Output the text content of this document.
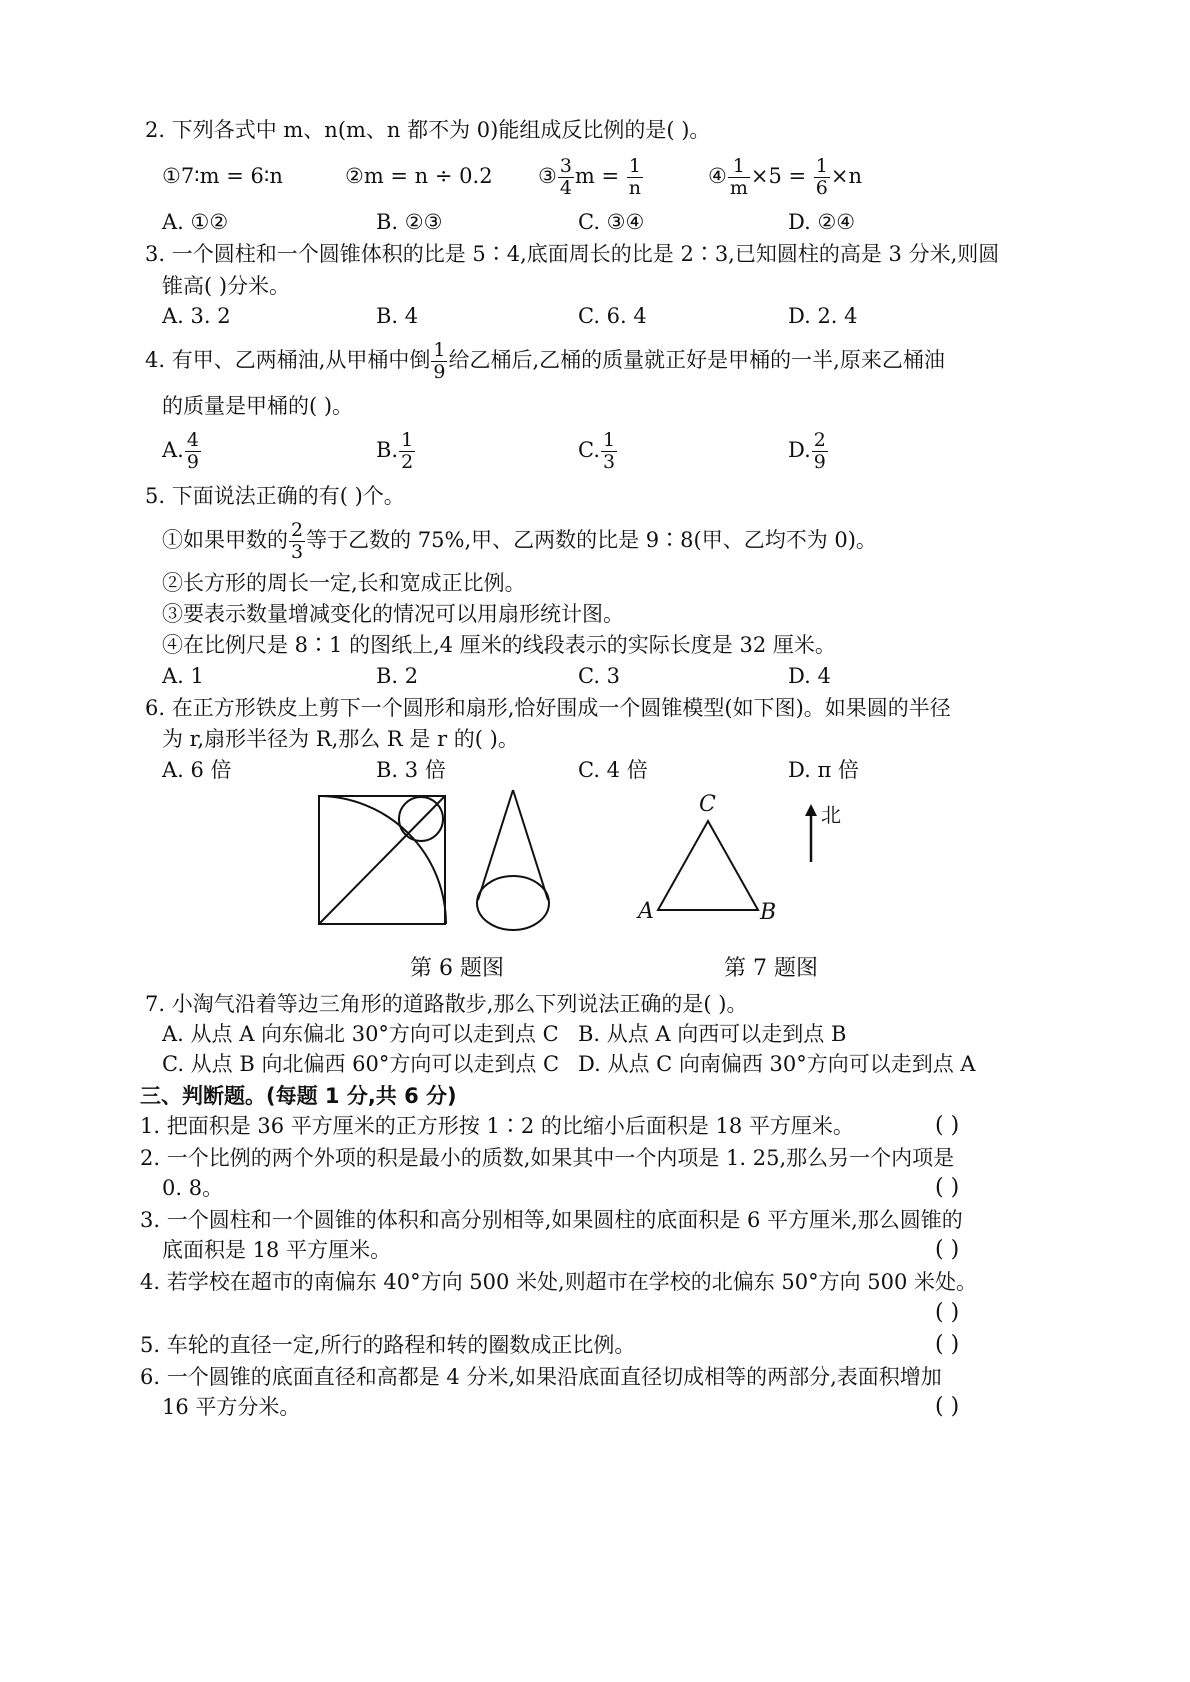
2. 下列各式中 m、n(m、n 都不为 0)能组成反比例的是( )。
①7∶m = 6∶n	②m = n ÷ 0.2 ③ $\frac{3}{4}$ $m = \frac{1}{n}$	④ $\frac{1}{m} \times 5 = \frac{1}{6} \times n$
A. ①②	B. ②③	C. ③④	D. ②④
3. 一个圆柱和一个圆锥体积的比是 5∶4,底面周长的比是 2∶3,已知圆柱的高是 3 分米,则圆
锥高( )分米。
A. 3. 2	B. 4	C. 6. 4	D. 2. 4
4. 有甲、乙两桶油,从甲桶中倒 $\frac{1}{9}$ 给乙桶后,乙桶的质量就正好是甲桶的一半,原来乙桶油
的质量是甲桶的( )。
A. $\frac{4}{9}$	B. $\frac{1}{2}$	C. $\frac{1}{3}$	D. $\frac{2}{9}$
5. 下面说法正确的有( )个。
①如果甲数的 $\frac{2}{3}$ 等于乙数的 75%,甲、乙两数的比是 9∶8(甲、乙均不为 0)。
②长方形的周长一定,长和宽成正比例。
③要表示数量增减变化的情况可以用扇形统计图。
④在比例尺是 8∶1 的图纸上,4 厘米的线段表示的实际长度是 32 厘米。
A. 1	B. 2	C. 3	D. 4
6. 在正方形铁皮上剪下一个圆形和扇形,恰好围成一个圆锥模型(如下图)。如果圆的半径
为 r,扇形半径为 R,那么 R 是 r 的( )。
A. 6 倍	B. 3 倍	C. 4 倍	D. π 倍
A	B
C	北
第 6 题图	第 7 题图
7. 小淘气沿着等边三角形的道路散步,那么下列说法正确的是( )。
A. 从点 A 向东偏北 30°方向可以走到点 C B. 从点 A 向西可以走到点 B
C. 从点 B 向北偏西 60°方向可以走到点 C D. 从点 C 向南偏西 30°方向可以走到点 A
三、判断题。(每题 1 分,共 6 分)
1. 把面积是 36 平方厘米的正方形按 1∶2 的比缩小后面积是 18 平方厘米。	( )
2. 一个比例的两个外项的积是最小的质数,如果其中一个内项是 1. 25,那么另一个内项是
0. 8。	( )
3. 一个圆柱和一个圆锥的体积和高分别相等,如果圆柱的底面积是 6 平方厘米,那么圆锥的
底面积是 18 平方厘米。	( )
4. 若学校在超市的南偏东 40°方向 500 米处,则超市在学校的北偏东 50°方向 500 米处。
( )
5. 车轮的直径一定,所行的路程和转的圈数成正比例。	( )
6. 一个圆锥的底面直径和高都是 4 分米,如果沿底面直径切成相等的两部分,表面积增加
16 平方分米。	( )
